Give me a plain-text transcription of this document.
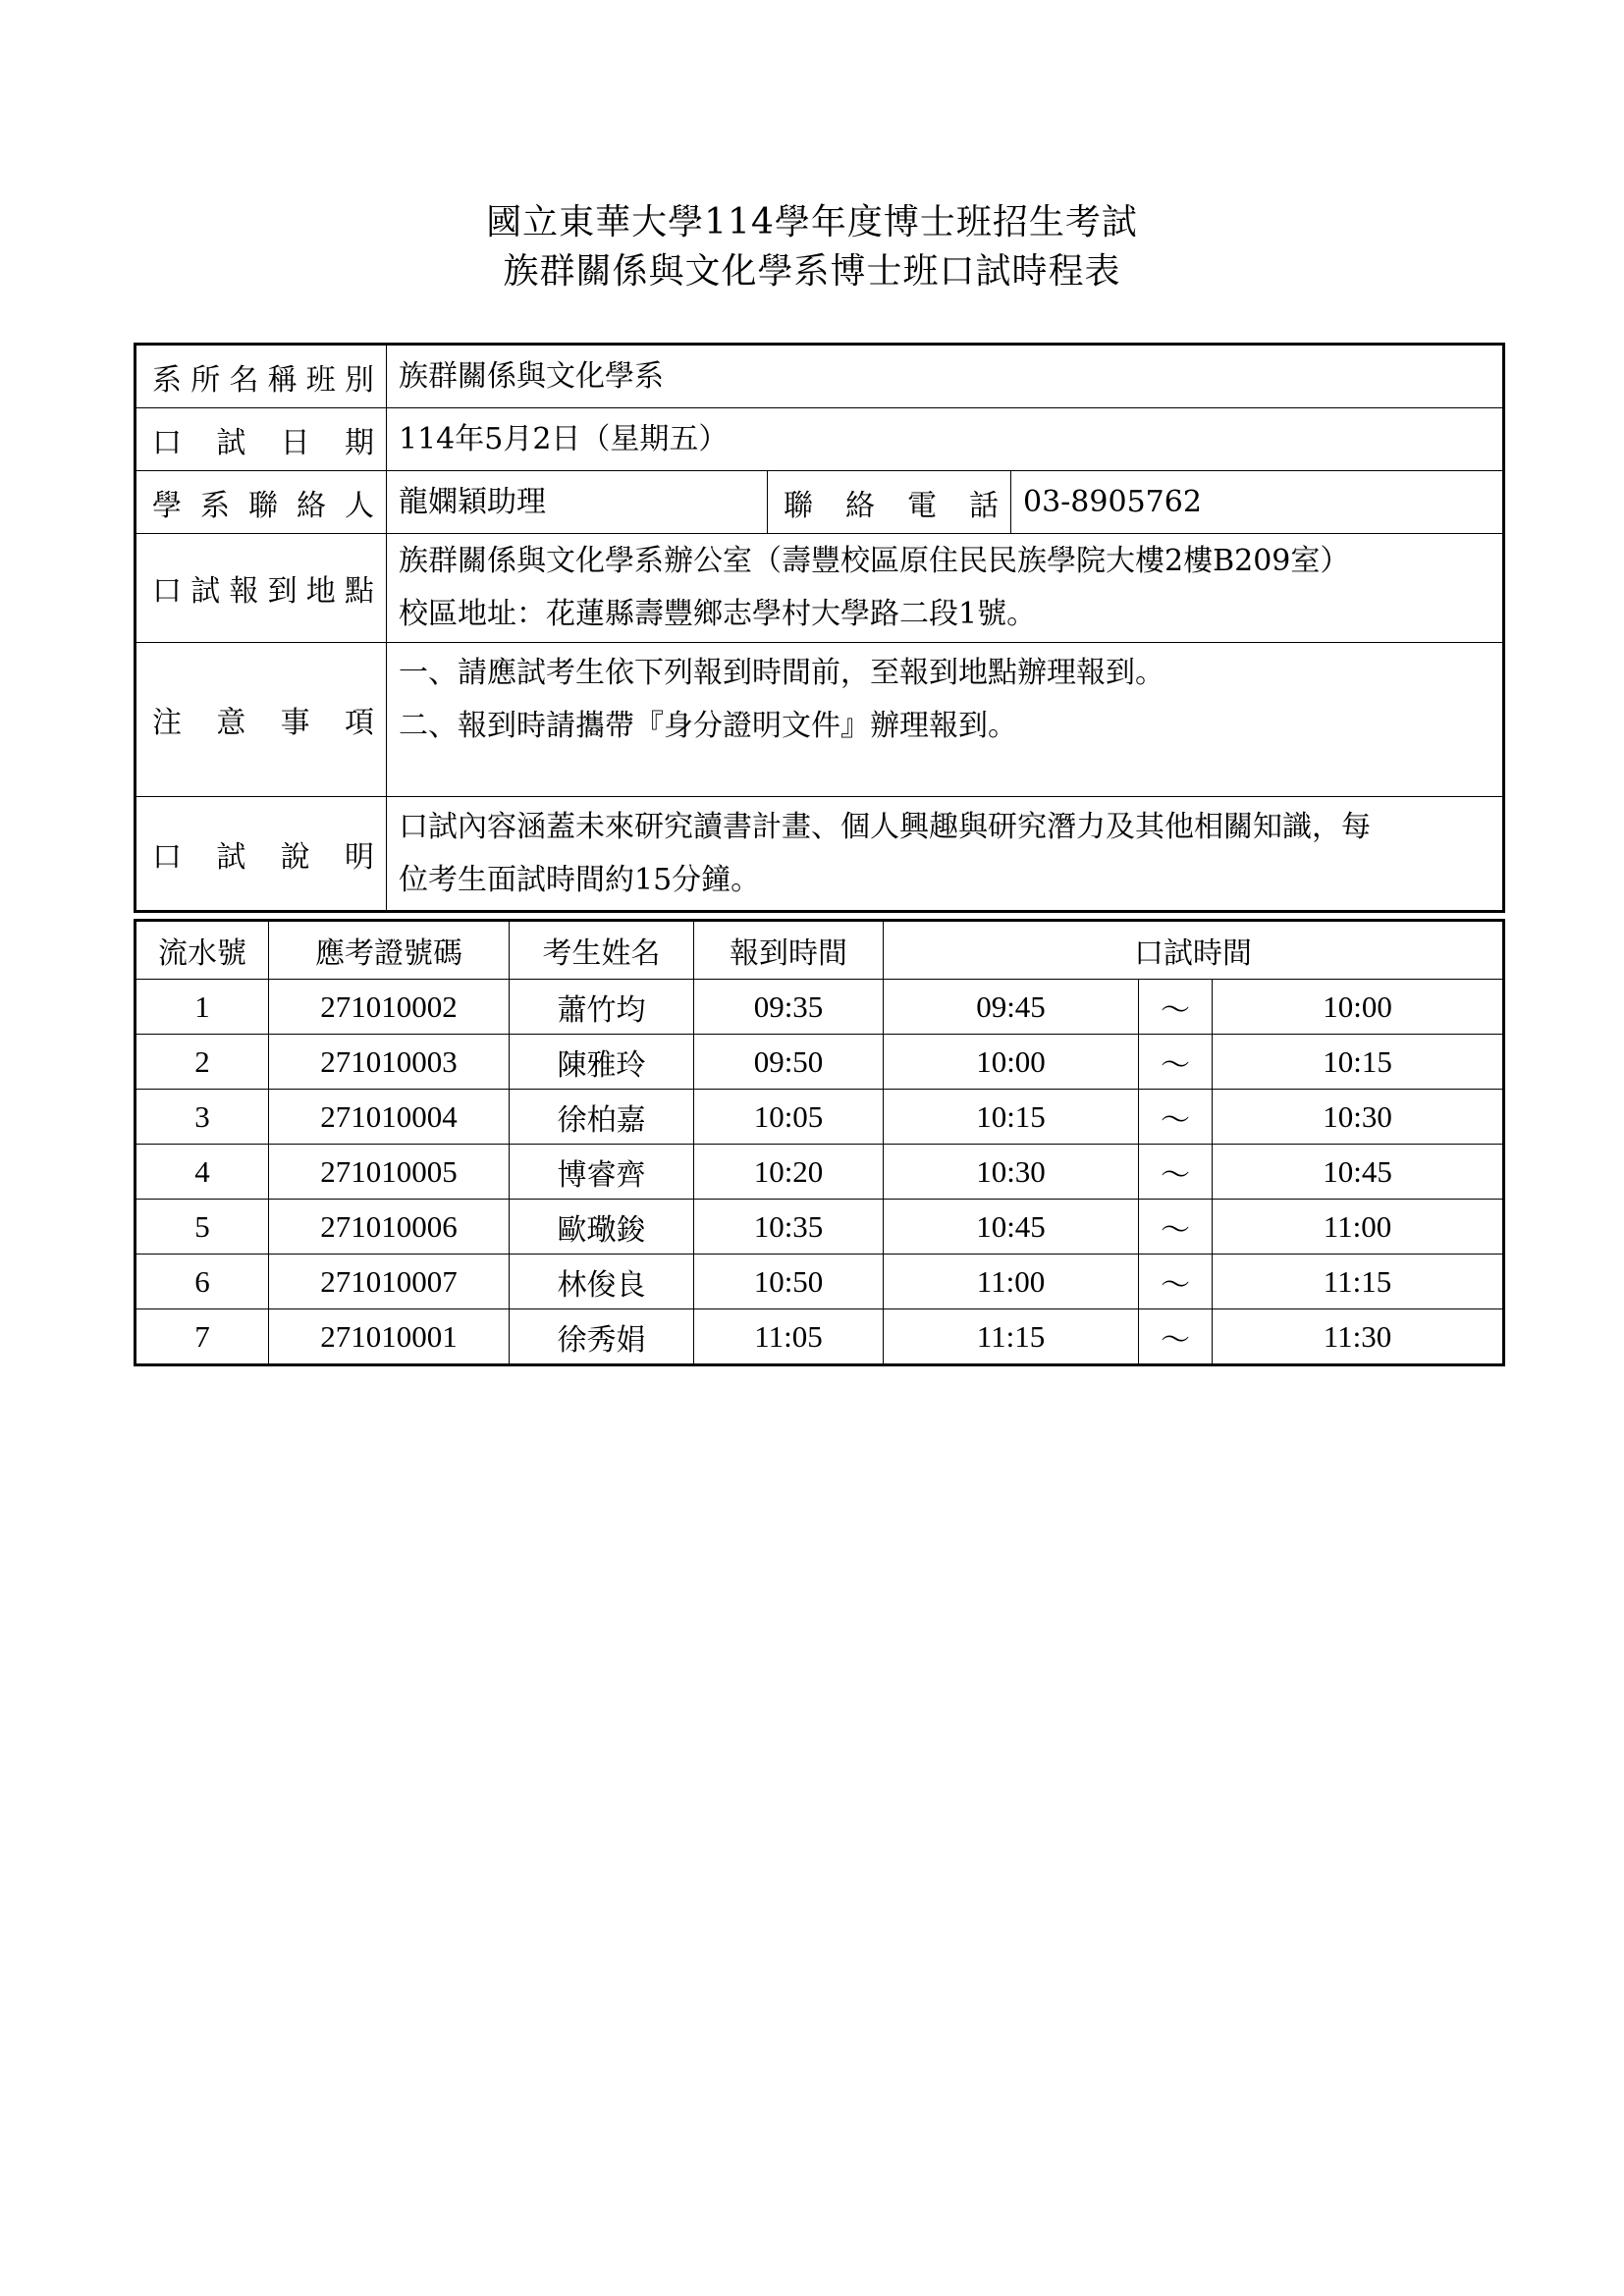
國立東華大學114學年度博士班招生考試
族群關係與文化學系博士班口試時程表
系所名稱班別	族群關係與文化學系		
口試日期	114年5月2日（星期五）		
學系聯絡人	龍嫻穎助理	聯絡電話	03-8905762
口試報到地點	族群關係與文化學系辦公室（壽豐校區原住民民族學院大樓2樓B209室）
校區地址：花蓮縣壽豐鄉志學村大學路二段1號。		

注意事項	一、請應試考生依下列報到時間前，至報到地點辦理報到。
二、報到時請攜帶『身分證明文件』辦理報到。		

口試說明	口試內容涵蓋未來研究讀書計畫、個人興趣與研究潛力及其他相關知識，每
位考生面試時間約15分鐘。		
流水號	應考證號碼	考生姓名	報到時間	口試時間		
1	271010002	蕭竹均	09:35	09:45	～	10:00
2	271010003	陳雅玲	09:50	10:00	～	10:15
3	271010004	徐柏嘉	10:05	10:15	～	10:30
4	271010005	博睿齊	10:20	10:30	～	10:45
5	271010006	歐璥鋑	10:35	10:45	～	11:00
6	271010007	林俊良	10:50	11:00	～	11:15
7	271010001	徐秀娟	11:05	11:15	～	11:30
